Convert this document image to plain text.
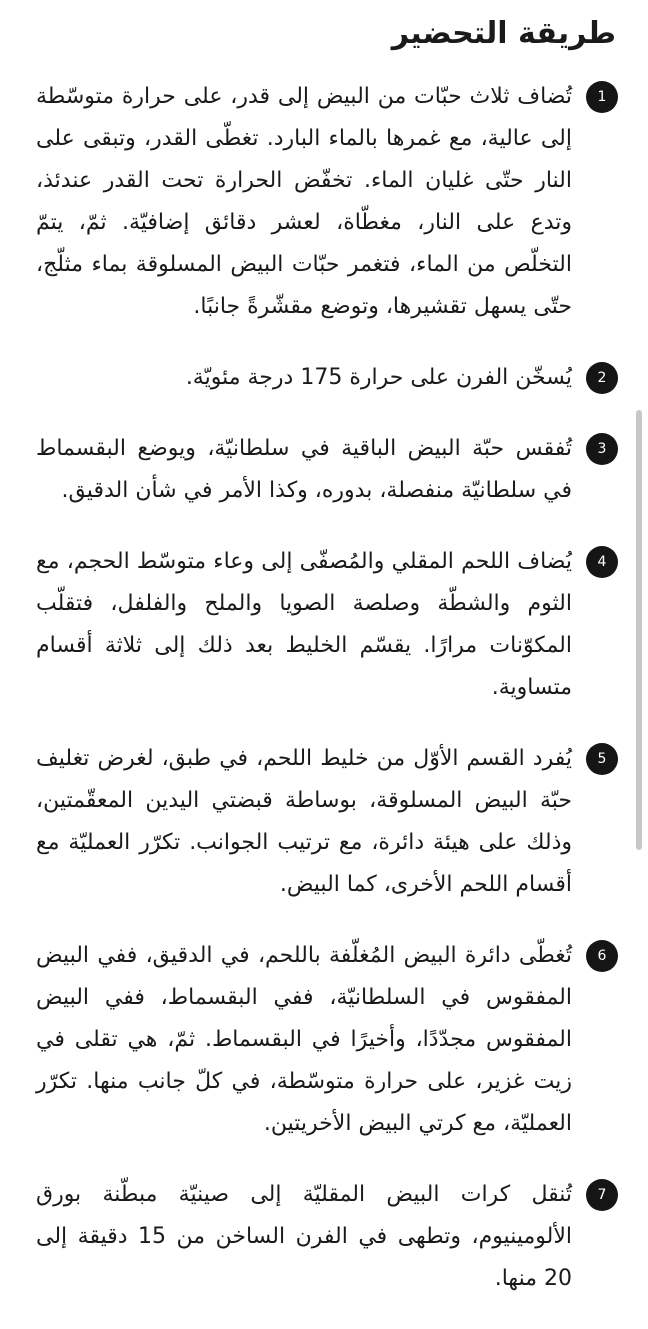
طريقة التحضير
1

تُضاف ثلاث حبّات من البيض إلى قدر، على حرارة متوسّطة إلى عالية، مع غمرها بالماء البارد. تغطّى القدر، وتبقى على النار حتّى غليان الماء. تخفّض الحرارة تحت القدر عندئذ، وتدع على النار، مغطّاة، لعشر دقائق إضافيّة. ثمّ، يتمّ التخلّص من الماء، فتغمر حبّات البيض المسلوقة بماء مثلّج، حتّى يسهل تقشيرها، وتوضع مقشّرةً جانبًا.

2

يُسخّن الفرن على حرارة 175 درجة مئويّة.

3

تُفقس حبّة البيض الباقية في سلطانيّة، ويوضع البقسماط في سلطانيّة منفصلة، بدوره، وكذا الأمر في شأن الدقيق.

4

يُضاف اللحم المقلي والمُصفّى إلى وعاء متوسّط الحجم، مع الثوم والشطّة وصلصة الصويا والملح والفلفل، فتقلّب المكوّنات مرارًا. يقسّم الخليط بعد ذلك إلى ثلاثة أقسام متساوية.

5

يُفرد القسم الأوّل من خليط اللحم، في طبق، لغرض تغليف حبّة البيض المسلوقة، بوساطة قبضتي اليدين المعقّمتين، وذلك على هيئة دائرة، مع ترتيب الجوانب. تكرّر العمليّة مع أقسام اللحم الأخرى، كما البيض.

6

تُغطّى دائرة البيض المُغلّفة باللحم، في الدقيق، ففي البيض المفقوس في السلطانيّة، ففي البقسماط، ففي البيض المفقوس مجدّدًا، وأخيرًا في البقسماط. ثمّ، هي تقلى في زيت غزير، على حرارة متوسّطة، في كلّ جانب منها. تكرّر العمليّة، مع كرتي البيض الأخريتين.

7

تُنقل كرات البيض المقليّة إلى صينيّة مبطّنة بورق الألومينيوم، وتطهى في الفرن الساخن من 15 دقيقة إلى 20 منها.
